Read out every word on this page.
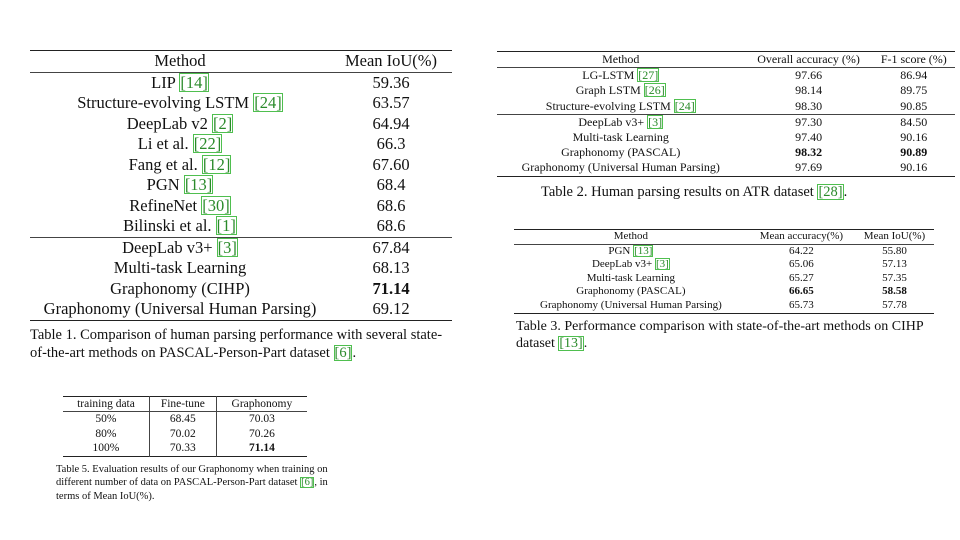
Method	Mean IoU(%)
LIP [14]	59.36
Structure-evolving LSTM [24]	63.57
DeepLab v2 [2]	64.94
Li et al. [22]	66.3
Fang et al. [12]	67.60
PGN [13]	68.4
RefineNet [30]	68.6
Bilinski et al. [1]	68.6
DeepLab v3+ [3]	67.84
Multi-task Learning	68.13
Graphonomy (CIHP)	71.14
Graphonomy (Universal Human Parsing)	69.12
Table 1. Comparison of human parsing performance with several state-of-the-art methods on PASCAL-Person-Part dataset [6].
Method	Overall accuracy (%)	F-1 score (%)
LG-LSTM [27]	97.66	86.94
Graph LSTM [26]	98.14	89.75
Structure-evolving LSTM [24]	98.30	90.85
DeepLab v3+ [3]	97.30	84.50
Multi-task Learning	97.40	90.16
Graphonomy (PASCAL)	98.32	90.89
Graphonomy (Universal Human Parsing)	97.69	90.16
Table 2. Human parsing results on ATR dataset [28].
Method	Mean accuracy(%)	Mean IoU(%)
PGN [13]	64.22	55.80
DeepLab v3+ [3]	65.06	57.13
Multi-task Learning	65.27	57.35
Graphonomy (PASCAL)	66.65	58.58
Graphonomy (Universal Human Parsing)	65.73	57.78
Table 3. Performance comparison with state-of-the-art methods on CIHP dataset [13].
training data	Fine-tune	Graphonomy
50%	68.45	70.03
80%	70.02	70.26
100%	70.33	71.14
Table 5. Evaluation results of our Graphonomy when training on different number of data on PASCAL-Person-Part dataset [6], in terms of Mean IoU(%).
